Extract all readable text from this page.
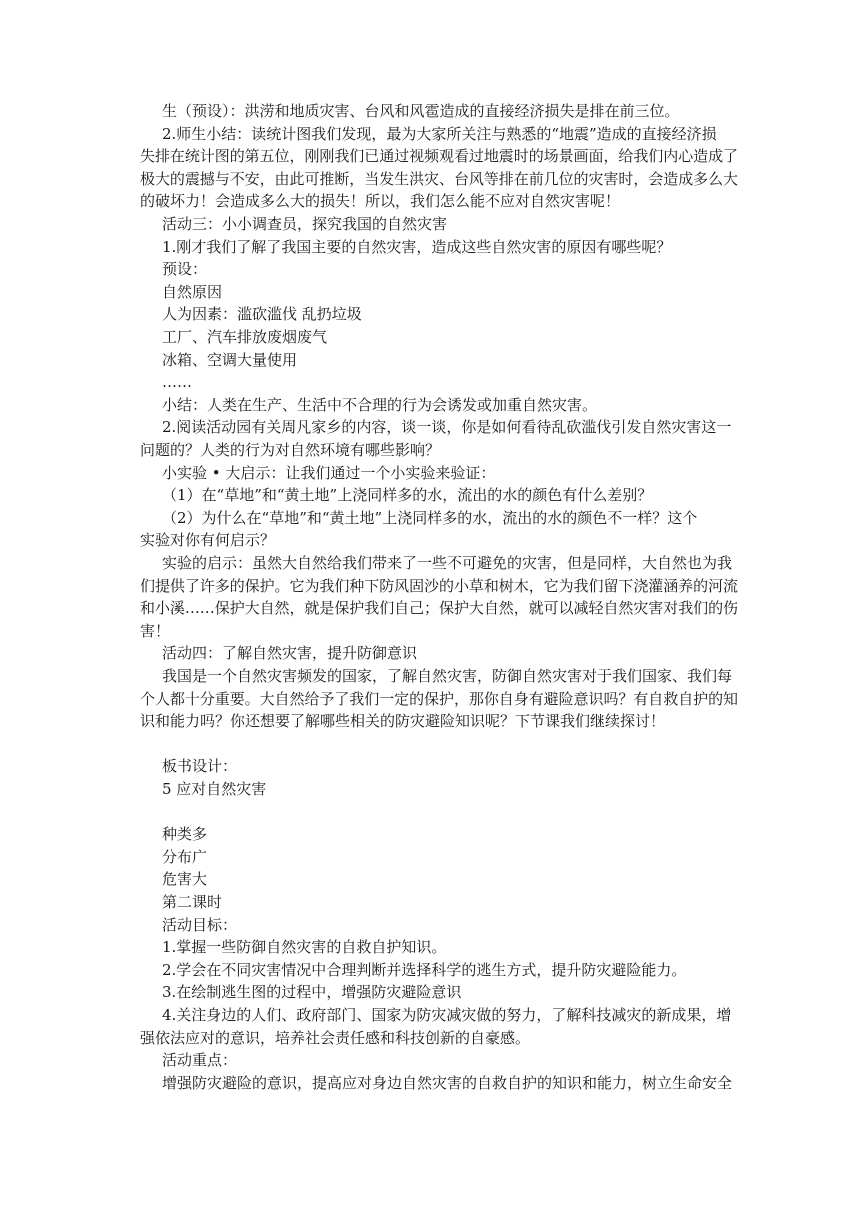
生（预设）：洪涝和地质灾害、台风和风雹造成的直接经济损失是排在前三位。
2.师生小结：读统计图我们发现，最为大家所关注与熟悉的“地震”造成的直接经济损
失排在统计图的第五位，刚刚我们已通过视频观看过地震时的场景画面，给我们内心造成了
极大的震撼与不安，由此可推断，当发生洪灾、台风等排在前几位的灾害时，会造成多么大
的破坏力！会造成多么大的损失！所以，我们怎么能不应对自然灾害呢！
活动三：小小调查员，探究我国的自然灾害
1.刚才我们了解了我国主要的自然灾害，造成这些自然灾害的原因有哪些呢？
预设：
自然原因
人为因素：滥砍滥伐 乱扔垃圾
工厂、汽车排放废烟废气
冰箱、空调大量使用
……
小结：人类在生产、生活中不合理的行为会诱发或加重自然灾害。
2.阅读活动园有关周凡家乡的内容，谈一谈，你是如何看待乱砍滥伐引发自然灾害这一
问题的？人类的行为对自然环境有哪些影响？
小实验 • 大启示：让我们通过一个小实验来验证：
（1）在“草地”和“黄土地”上浇同样多的水，流出的水的颜色有什么差别？
（2）为什么在“草地”和“黄土地”上浇同样多的水，流出的水的颜色不一样？这个
实验对你有何启示？
实验的启示：虽然大自然给我们带来了一些不可避免的灾害，但是同样，大自然也为我
们提供了许多的保护。它为我们种下防风固沙的小草和树木，它为我们留下浇灌涵养的河流
和小溪……保护大自然，就是保护我们自己；保护大自然，就可以减轻自然灾害对我们的伤
害！
活动四：了解自然灾害，提升防御意识
我国是一个自然灾害频发的国家，了解自然灾害，防御自然灾害对于我们国家、我们每
个人都十分重要。大自然给予了我们一定的保护，那你自身有避险意识吗？有自救自护的知
识和能力吗？你还想要了解哪些相关的防灾避险知识呢？下节课我们继续探讨！
板书设计：
5 应对自然灾害
种类多
分布广
危害大
第二课时
活动目标：
1.掌握一些防御自然灾害的自救自护知识。
2.学会在不同灾害情况中合理判断并选择科学的逃生方式，提升防灾避险能力。
3.在绘制逃生图的过程中，增强防灾避险意识
4.关注身边的人们、政府部门、国家为防灾减灾做的努力，了解科技减灾的新成果，增
强依法应对的意识，培养社会责任感和科技创新的自豪感。
活动重点：
增强防灾避险的意识，提高应对身边自然灾害的自救自护的知识和能力，树立生命安全
